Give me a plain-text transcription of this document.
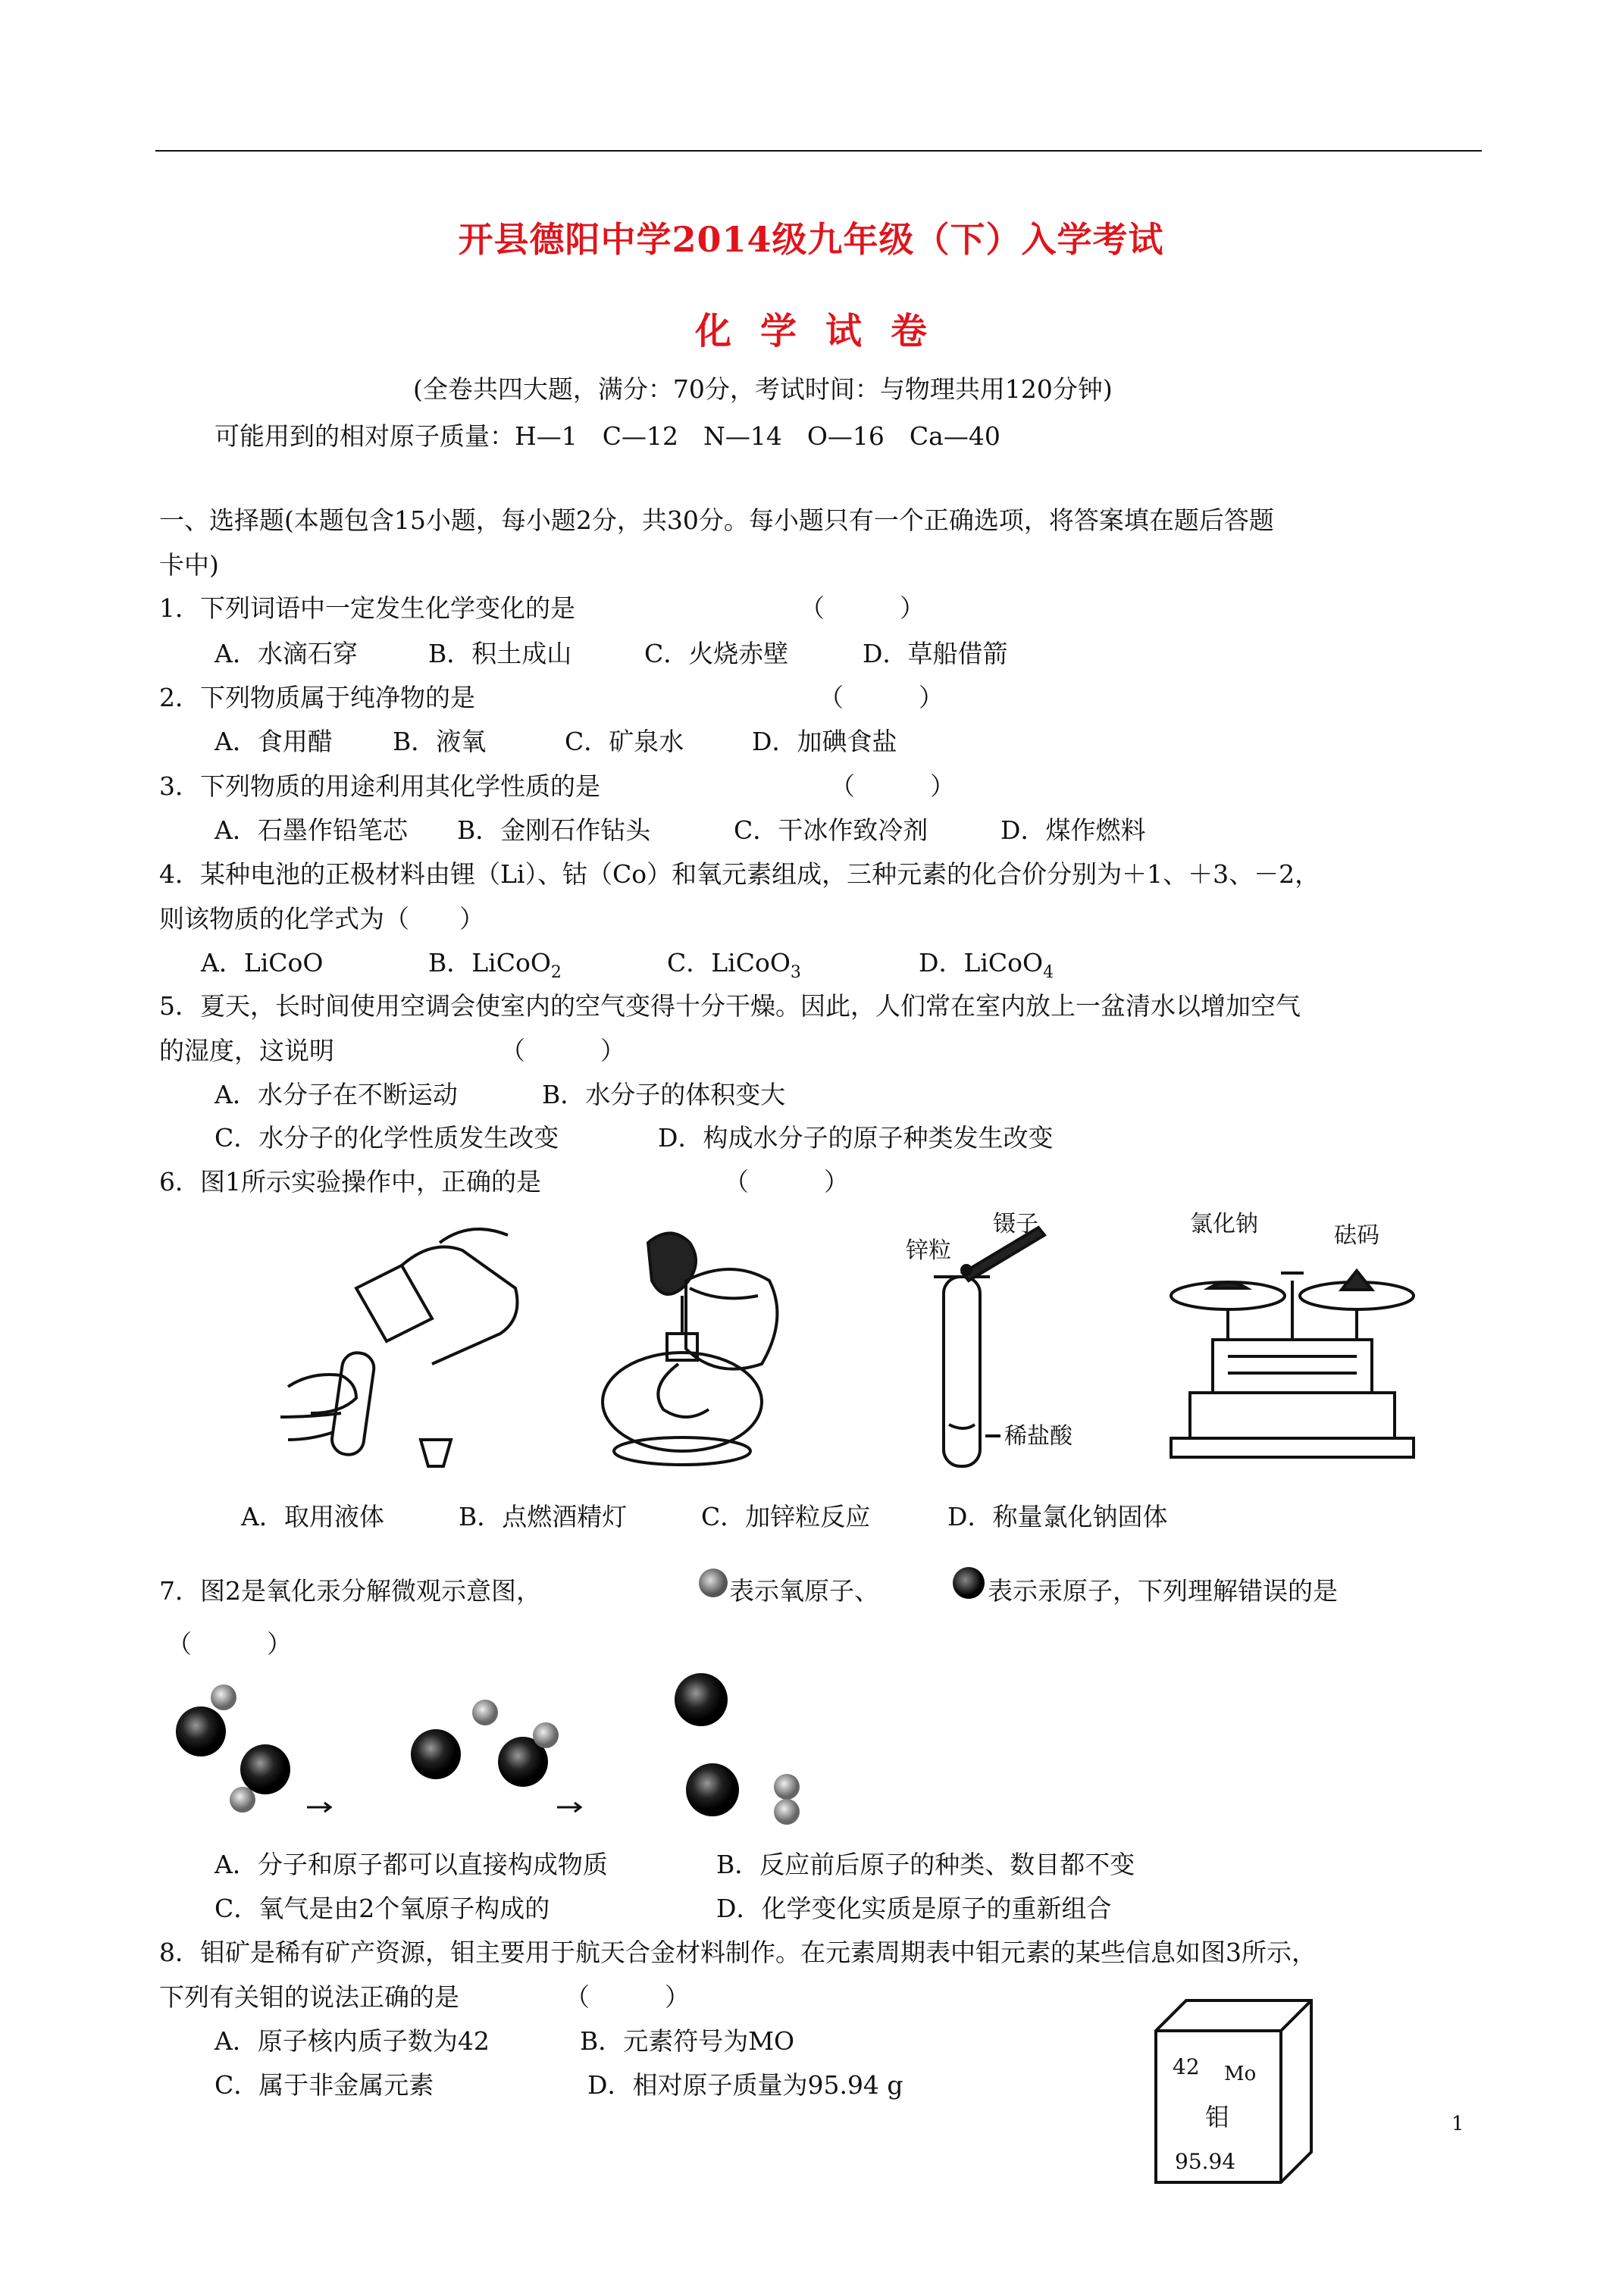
开县德阳中学2014级九年级（下）入学考试
化学试卷
(全卷共四大题，满分：70分，考试时间：与物理共用120分钟)
可能用到的相对原子质量：H—1　C—12　N—14　O—16　Ca—40
一、选择题(本题包含15小题，每小题2分，共30分。每小题只有一个正确选项，将答案填在题后答题
卡中)
1．下列词语中一定发生化学变化的是	（　　　）
A．水滴石穿	B．积土成山	C．火烧赤壁	D．草船借箭
2．下列物质属于纯净物的是	（　　　）
A．食用醋 B．液氧	C．矿泉水	D．加碘食盐
3．下列物质的用途利用其化学性质的是	（　　　）
A．石墨作铅笔芯 B．金刚石作钻头	C．干冰作致冷剂	D．煤作燃料
4．某种电池的正极材料由锂（Li）、钴（Co）和氧元素组成，三种元素的化合价分别为＋1、＋3、－2，
则该物质的化学式为（　　）
A．LiCoO	B．LiCoO$_2$	C．LiCoO$_3$	D．LiCoO$_4$
5．夏天，长时间使用空调会使室内的空气变得十分干燥。因此，人们常在室内放上一盆清水以增加空气
的湿度，这说明	（　　　）
A．水分子在不断运动	B．水分子的体积变大
C．水分子的化学性质发生改变	D．构成水分子的原子种类发生改变
6．图1所示实验操作中，正确的是	（　　　）
镊子
锌粒
稀盐酸
氯化钠	砝码
A．取用液体	B．点燃酒精灯	C．加锌粒反应	D．称量氯化钠固体
7．图2是氧化汞分解微观示意图，	表示氧原子、	表示汞原子，下列理解错误的是
（　　　）
A．分子和原子都可以直接构成物质	B．反应前后原子的种类、数目都不变
C．氧气是由2个氧原子构成的	D．化学变化实质是原子的重新组合
8．钼矿是稀有矿产资源，钼主要用于航天合金材料制作。在元素周期表中钼元素的某些信息如图3所示，
下列有关钼的说法正确的是	（　　　）
A．原子核内质子数为42	B．元素符号为MO
C．属于非金属元素	D．相对原子质量为95.94 g
42 Mo
钼
95.94
1
